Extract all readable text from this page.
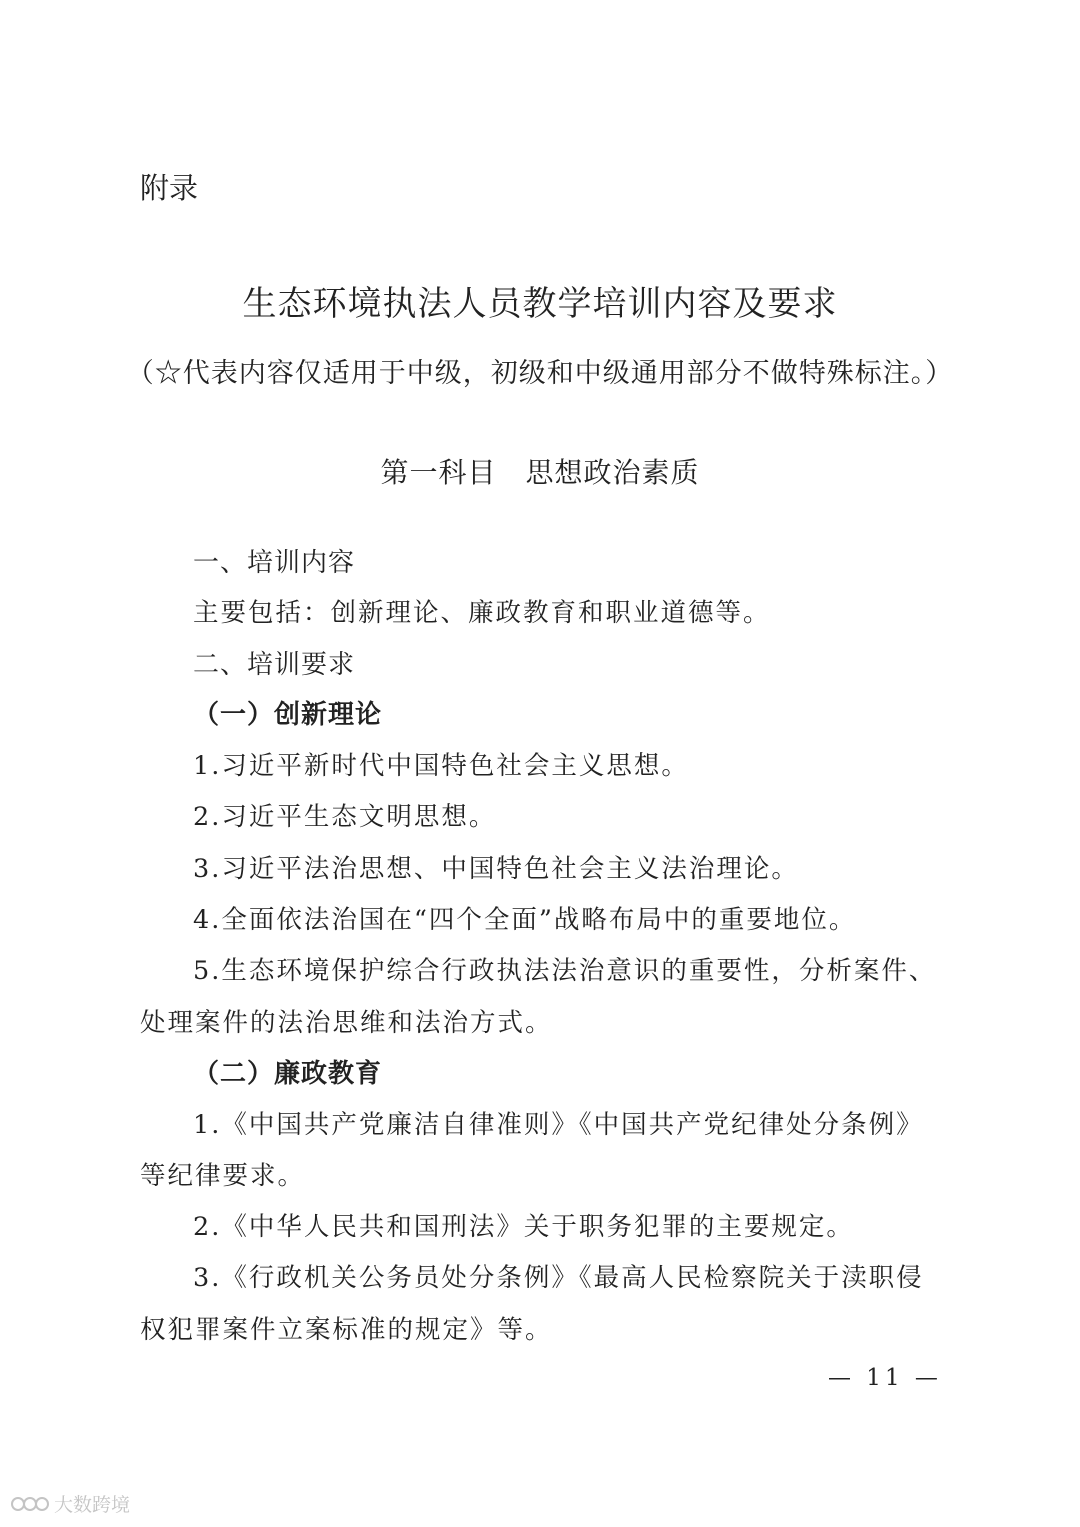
附录
生态环境执法人员教学培训内容及要求
（☆代表内容仅适用于中级，初级和中级通用部分不做特殊标注。）
第一科目　思想政治素质
一、培训内容
主要包括：创新理论、廉政教育和职业道德等。
二、培训要求
（一）创新理论
1.习近平新时代中国特色社会主义思想。
2.习近平生态文明思想。
3.习近平法治思想、中国特色社会主义法治理论。
4.全面依法治国在“四个全面”战略布局中的重要地位。
5.生态环境保护综合行政执法法治意识的重要性，分析案件、
处理案件的法治思维和法治方式。
（二）廉政教育
1.《中国共产党廉洁自律准则》《中国共产党纪律处分条例》
等纪律要求。
2.《中华人民共和国刑法》关于职务犯罪的主要规定。
3.《行政机关公务员处分条例》《最高人民检察院关于渎职侵
权犯罪案件立案标准的规定》等。
— 11 —
大数跨境
